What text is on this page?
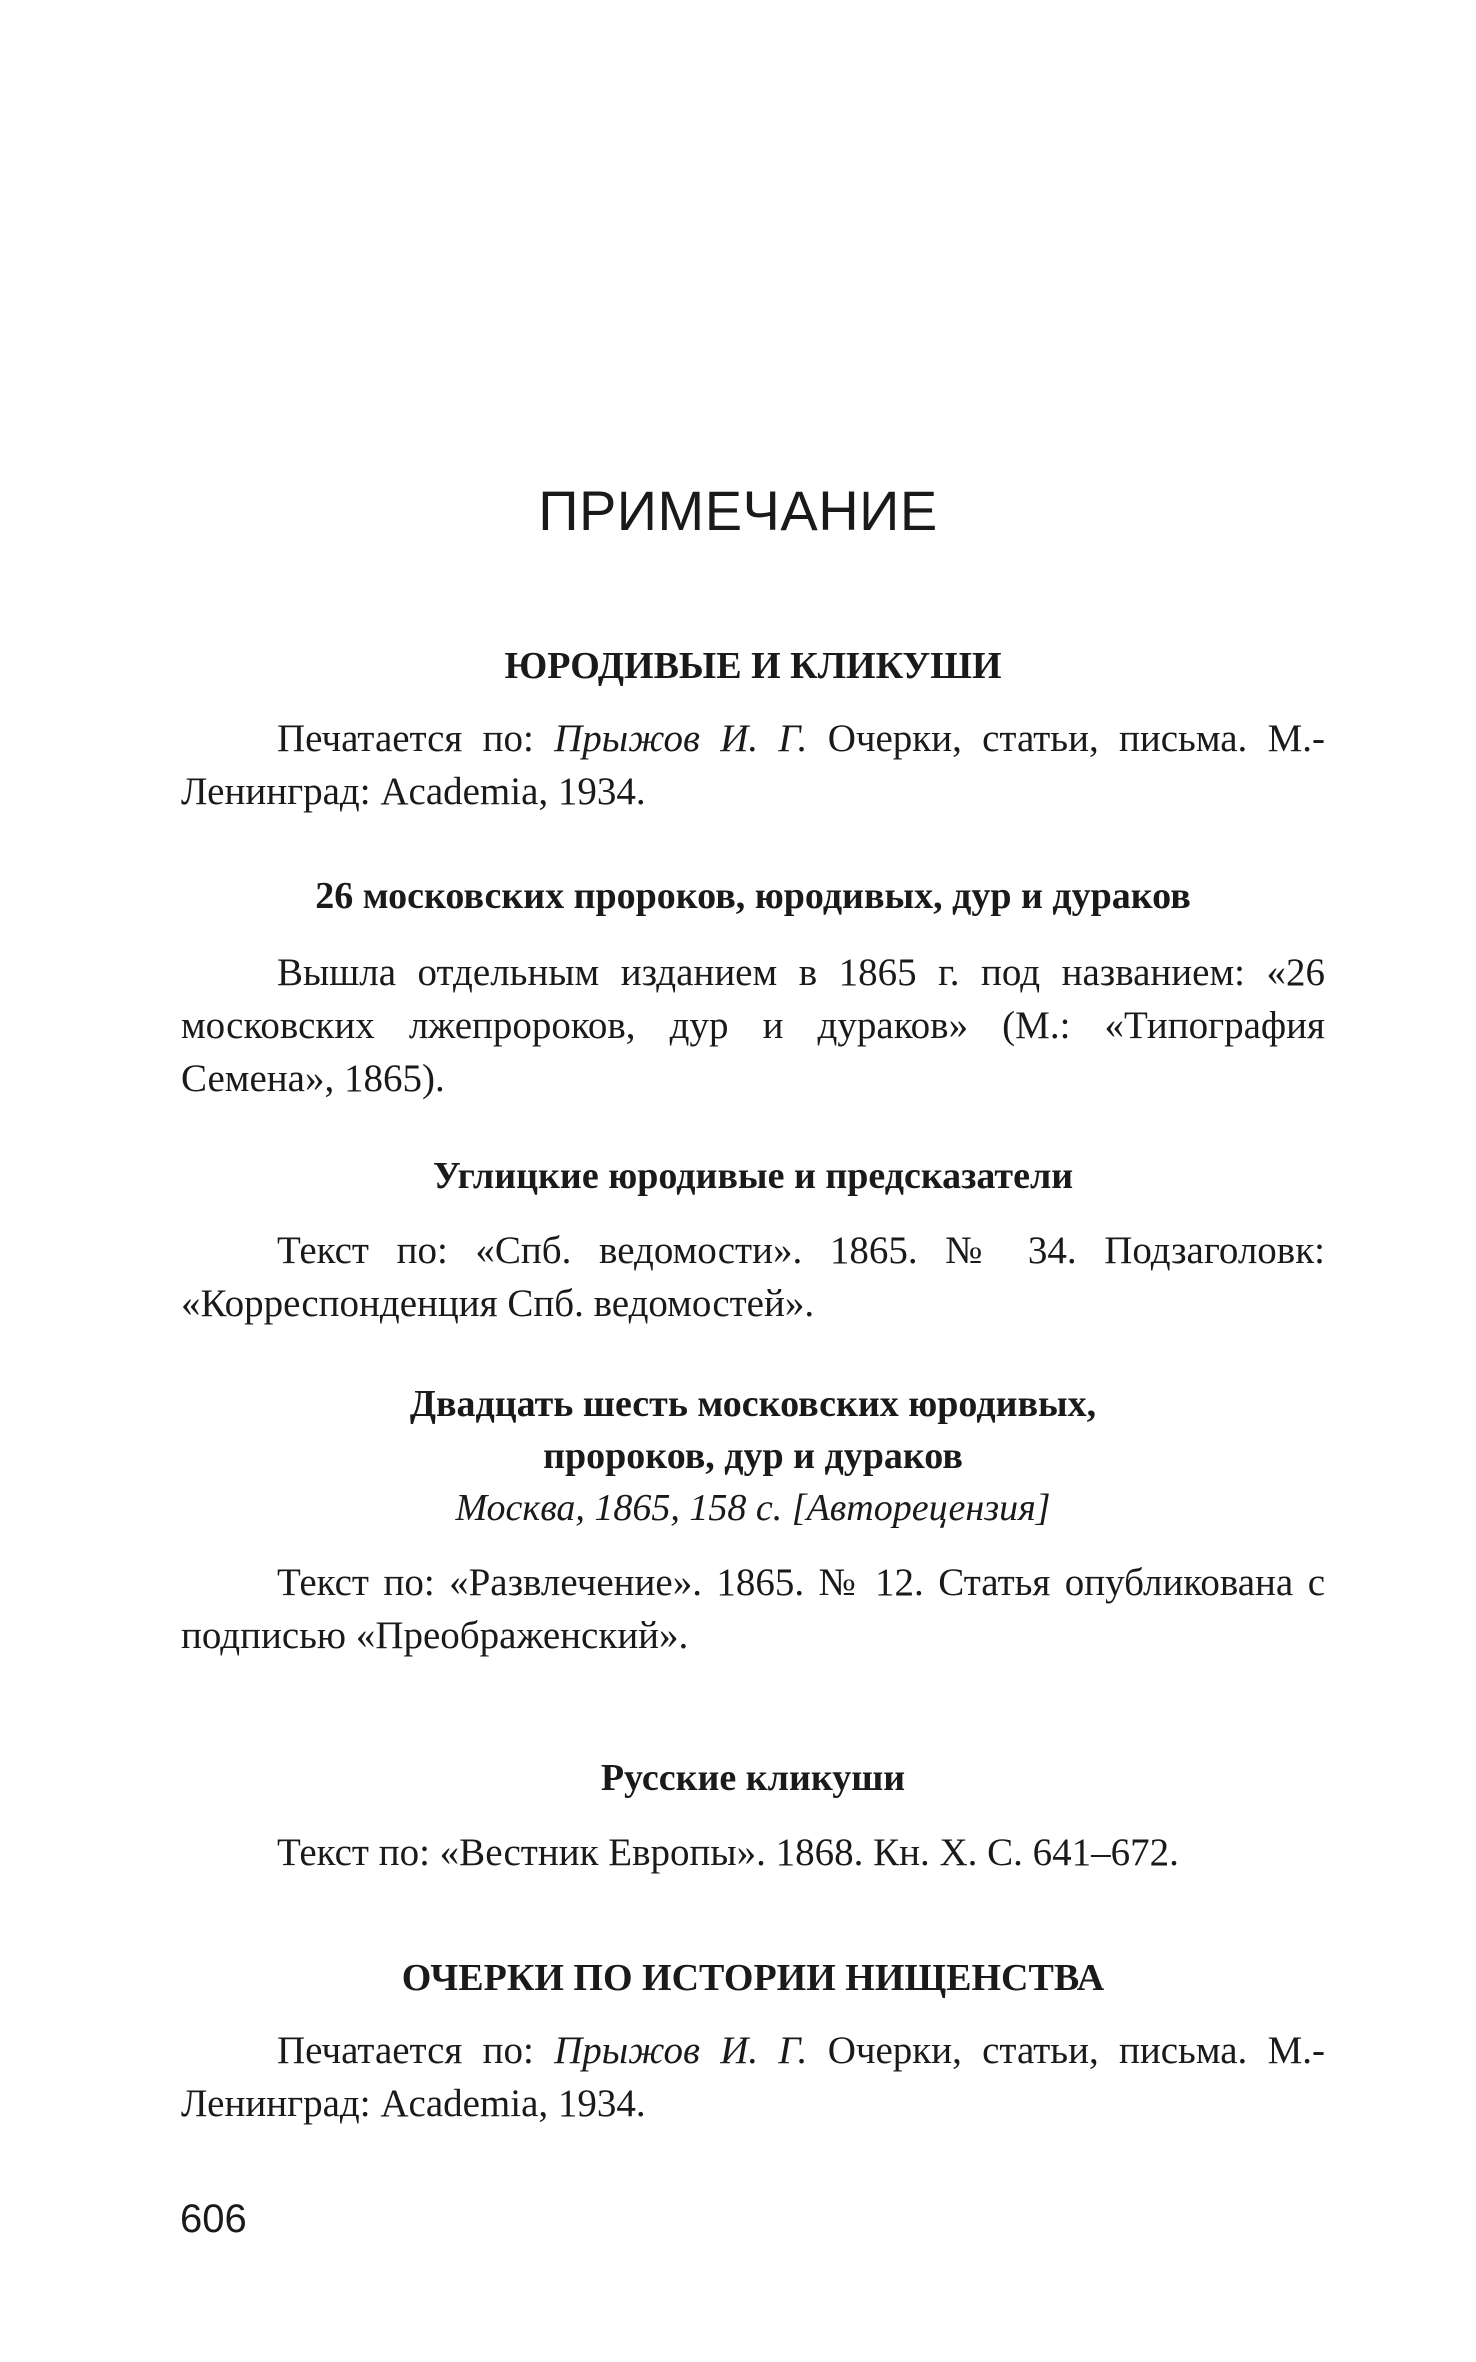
ПРИМЕЧАНИЕ
ЮРОДИВЫЕ И КЛИКУШИ

Печатается по: Прыжов И. Г. Очерки, статьи, письма. М.-Ленинград: Academia, 1934.

26 московских пророков, юродивых, дур и дураков

Вышла отдельным изданием в 1865 г. под названием: «26 московских лжепророков, дур и дураков» (М.: «Типография Семена», 1865).

Углицкие юродивые и предсказатели

Текст по: «Спб. ведомости». 1865. № 34. Подзаголовк: «Корреспонденция Спб. ведомостей».

Двадцать шесть московских юродивых,
пророков, дур и дураков

Москва, 1865, 158 с. [Авторецензия]

Текст по: «Развлечение». 1865. № 12. Статья опубликована с подписью «Преображенский».

Русские кликуши

Текст по: «Вестник Европы». 1868. Кн. X. С. 641–672.

ОЧЕРКИ ПО ИСТОРИИ НИЩЕНСТВА

Печатается по: Прыжов И. Г. Очерки, статьи, письма. М.-Ленинград: Academia, 1934.

606
